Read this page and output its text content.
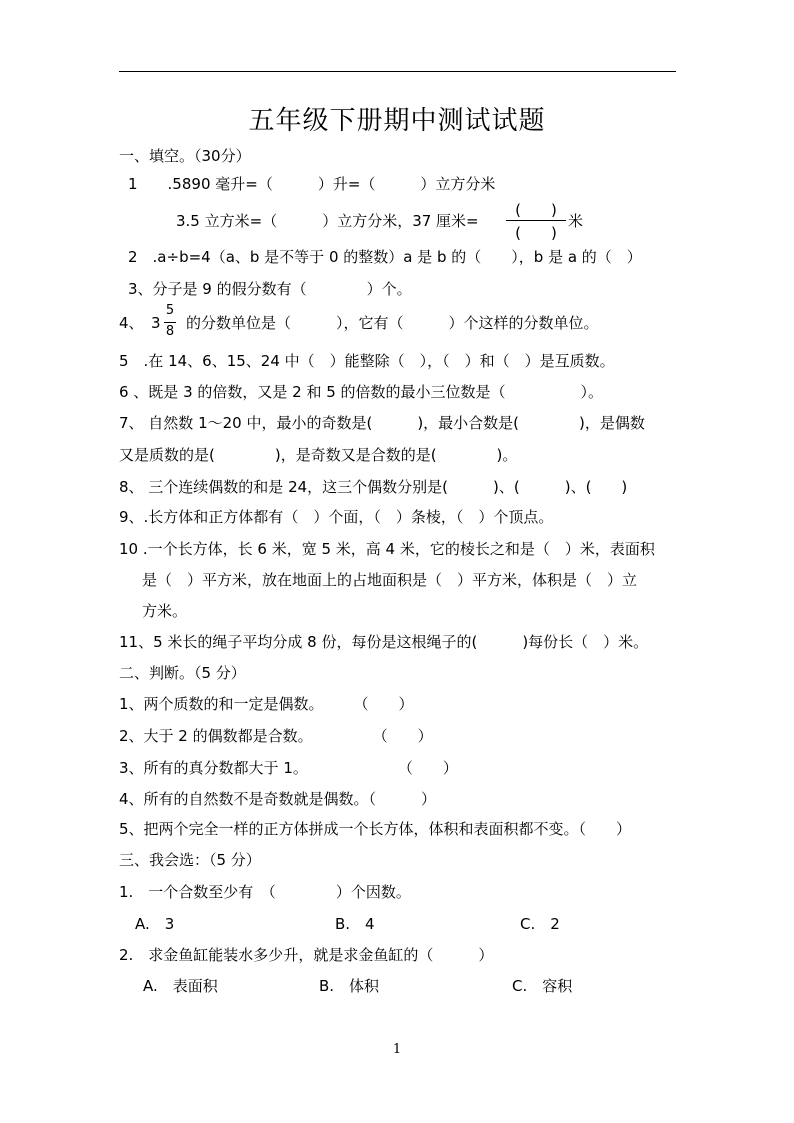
五年级下册期中测试试题
一、填空。（30分）
1　　.5890 毫升=（　　　）升=（　　　）立方分米
3.5 立方米=（　　　）立方分米，37 厘米=
(　　)
(　　)
米
2　.a÷b=4（a、b 是不等于 0 的整数）a 是 b 的（　　），b 是 a 的（　）
3、分子是 9 的假分数有（　　　　）个。
4、　3
5
8 的分数单位是（　　　），它有（　　　）个这样的分数单位。
5　.在 14、6、15、24 中（　）能整除（　），（　）和（　）是互质数。
6 、既是 3 的倍数，又是 2 和 5 的倍数的最小三位数是（　　　　　）。
7、 自然数 1～20 中，最小的奇数是(　　　)，最小合数是(　　　　)，是偶数
又是质数的是(　　　　)，是奇数又是合数的是(　　　　)。
8、 三个连续偶数的和是 24，这三个偶数分别是(　　　)、(　　　)、(　　)
9、.长方体和正方体都有（　）个面，（　）条棱，（　）个顶点。
10 .一个长方体，长 6 米，宽 5 米，高 4 米，它的棱长之和是（　）米，表面积
是（　）平方米，放在地面上的占地面积是（　）平方米，体积是（　）立
方米。
11、5 米长的绳子平均分成 8 份，每份是这根绳子的(　　　)每份长（　）米。
二、判断。（5 分）
1、两个质数的和一定是偶数。　　　（　　）
2、大于 2 的偶数都是合数。　　　　　（　　）
3、所有的真分数都大于 1。　　　　　　　（　　）
4、所有的自然数不是奇数就是偶数。（　　　）
5、把两个完全一样的正方体拼成一个长方体，体积和表面积都不变。（　　）
三、我会选：（5 分）
1.　一个合数至少有　（　　　　）个因数。
A.　3	B.　4	C.　2
2.　求金鱼缸能装水多少升，就是求金鱼缸的（　　　）
A.　表面积	B.　体积	C.　容积
1
